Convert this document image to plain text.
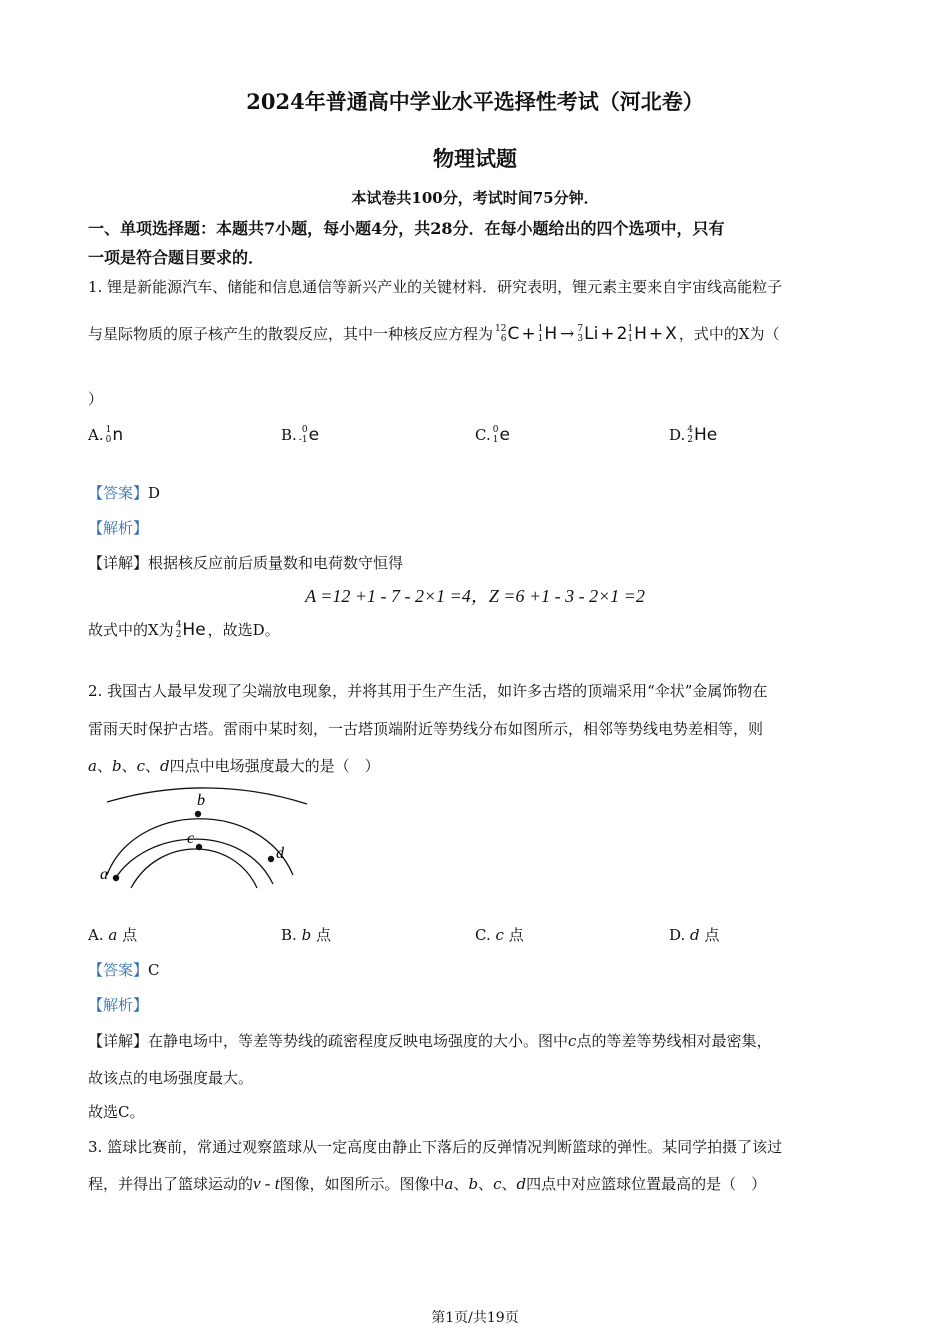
2024年普通高中学业水平选择性考试（河北卷）
物理试题
本试卷共100分，考试时间75分钟．
一、单项选择题：本题共7小题，每小题4分，共28分．在每小题给出的四个选项中，只有
一项是符合题目要求的．
1. 锂是新能源汽车、储能和信息通信等新兴产业的关键材料．研究表明，锂元素主要来自宇宙线高能粒子
与星际物质的原子核产生的散裂反应，其中一种核反应方程为 12
6 C + 1
1 H → 7
3 Li + 2 1
1 H + X ，式中的X为（
）
A. 1
0 n	B. 0
-1 e	C. 0
1 e	D. 4
2 He
【答案】D
【解析】
【详解】根据核反应前后质量数和电荷数守恒得
A =12 +1 - 7 - 2×1 =4，Z =6 +1 - 3 - 2×1 =2
故式中的X为 4
2 He ，故选D。
2. 我国古人最早发现了尖端放电现象，并将其用于生产生活，如许多古塔的顶端采用“伞状”金属饰物在
雷雨天时保护古塔。雷雨中某时刻，一古塔顶端附近等势线分布如图所示，相邻等势线电势差相等，则
a、b、c、d四点中电场强度最大的是（　）
b
c
d
a
A. a 点	B. b 点	C. c 点	D. d 点
【答案】C
【解析】
【详解】在静电场中，等差等势线的疏密程度反映电场强度的大小。图中c点的等差等势线相对最密集，
故该点的电场强度最大。
故选C。
3. 篮球比赛前，常通过观察篮球从一定高度由静止下落后的反弹情况判断篮球的弹性。某同学拍摄了该过
程，并得出了篮球运动的v - t图像，如图所示。图像中a、b、c、d四点中对应篮球位置最高的是（　）
第1页/共19页
